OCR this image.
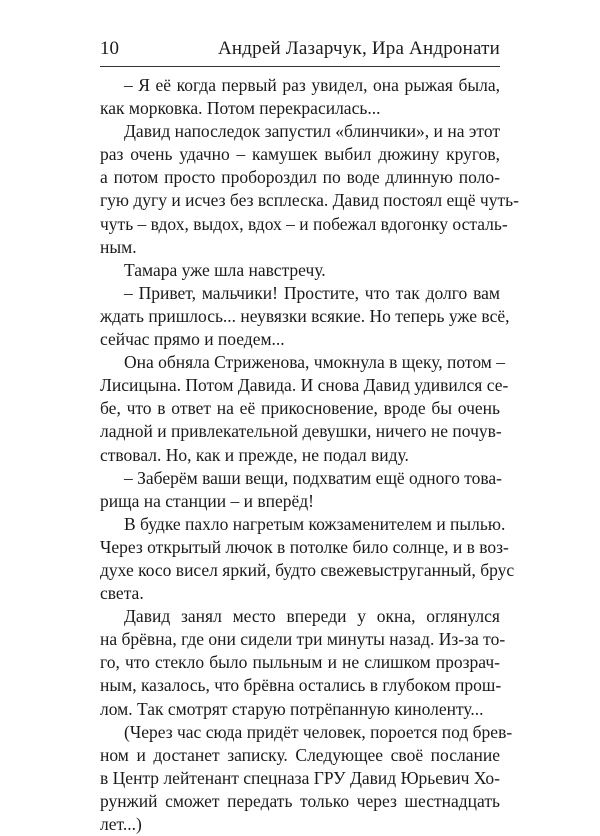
10	Андрей Лазарчук, Ира Андронати
– Я её когда первый раз увидел, она рыжая была,
как морковка. Потом перекрасилась...
Давид напоследок запустил «блинчики», и на этот
раз очень удачно – камушек выбил дюжину кругов,
а потом просто пробороздил по воде длинную поло-
гую дугу и исчез без всплеска. Давид постоял ещё чуть-
чуть – вдох, выдох, вдох – и побежал вдогонку осталь-
ным.
Тамара уже шла навстречу.
– Привет, мальчики! Простите, что так долго вам
ждать пришлось... неувязки всякие. Но теперь уже всё,
сейчас прямо и поедем...
Она обняла Стриженова, чмокнула в щеку, потом –
Лисицына. Потом Давида. И снова Давид удивился се-
бе, что в ответ на её прикосновение, вроде бы очень
ладной и привлекательной девушки, ничего не почув-
ствовал. Но, как и прежде, не подал виду.
– Заберём ваши вещи, подхватим ещё одного това-
рища на станции – и вперёд!
В будке пахло нагретым кожзаменителем и пылью.
Через открытый лючок в потолке било солнце, и в воз-
духе косо висел яркий, будто свежевыструганный, брус
света.
Давид занял место впереди у окна, оглянулся
на брёвна, где они сидели три минуты назад. Из-за то-
го, что стекло было пыльным и не слишком прозрач-
ным, казалось, что брёвна остались в глубоком прош-
лом. Так смотрят старую потрёпанную киноленту...
(Через час сюда придёт человек, пороется под брев-
ном и достанет записку. Следующее своё послание
в Центр лейтенант спецназа ГРУ Давид Юрьевич Хо-
рунжий сможет передать только через шестнадцать
лет...)
